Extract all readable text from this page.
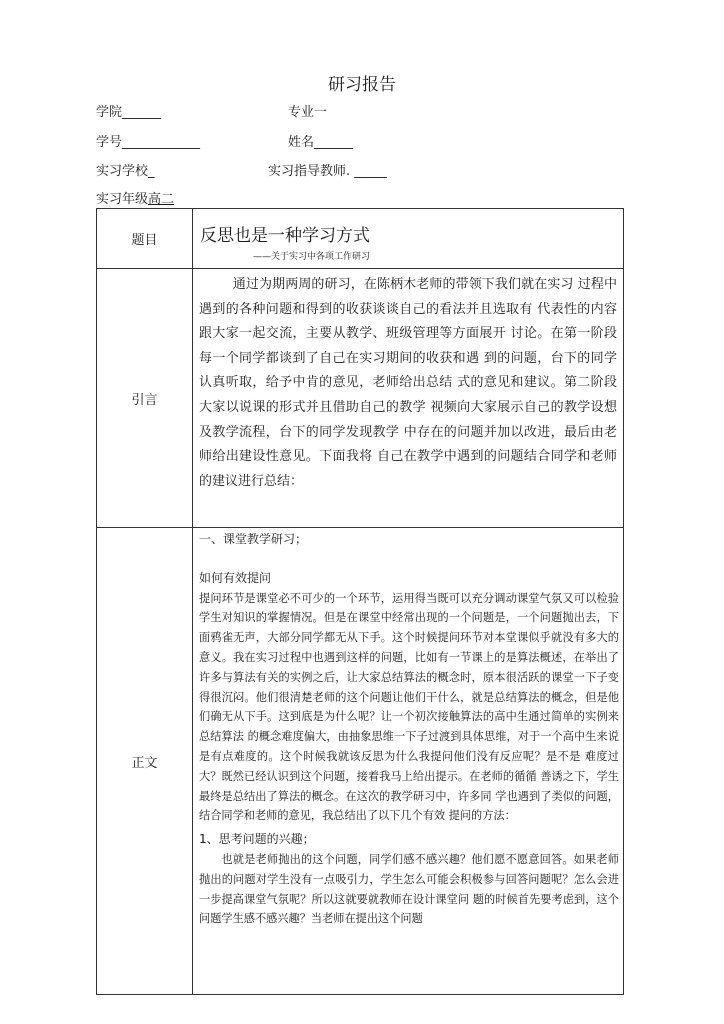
研习报告
学院______	专业一
学号____________	姓名______
实习学校_	实习指导教师. _____
实习年级高二
题目	反思也是一种学习方式
——关于实习中各项工作研习

引言	通过为期两周的研习，在陈柄木老师的带领下我们就在实习 过程中遇到的各种问题和得到的收获谈谈自己的看法并且选取有 代表性的内容跟大家一起交流，主要从教学、班级管理等方面展开 讨论。在第一阶段每一个同学都谈到了自己在实习期间的收获和遇 到的问题，台下的同学认真听取，给予中肯的意见，老师给出总结 式的意见和建议。第二阶段大家以说课的形式并且借助自己的教学 视频向大家展示自己的教学设想及教学流程，台下的同学发现教学 中存在的问题并加以改进，最后由老师给出建设性意见。下面我将 自己在教学中遇到的问题结合同学和老师的建议进行总结：

正文	一、课堂教学研习；

如何有效提问

提问环节是课堂必不可少的一个环节，运用得当既可以充分调动课堂气氛又可以检验学生对知识的掌握情况。但是在课堂中经常出现的一个问题是，一个问题抛出去，下面鸦雀无声，大部分同学都无从下手。这个时候提问环节对本堂课似乎就没有多大的意义。我在实习过程中也遇到这样的问题，比如有一节课上的是算法概述，在举出了许多与算法有关的实例之后，让大家总结算法的概念时，原本很活跃的课堂一下子变得很沉闷。他们很清楚老师的这个问题让他们干什么，就是总结算法的概念，但是他们确无从下手。这到底是为什么呢？让一个初次接触算法的高中生通过简单的实例来总结算法 的概念难度偏大，由抽象思维一下子过渡到具体思维，对于一个高中生来说 是有点难度的。这个时候我就该反思为什么我提问他们没有反应呢？是不是 难度过大？既然已经认识到这个问题，接着我马上给出提示。在老师的循循 善诱之下，学生最终是总结出了算法的概念。在这次的教学研习中，许多同 学也遇到了类似的问题，结合同学和老师的意见，我总结出了以下几个有效 提问的方法：

1、思考问题的兴趣；

也就是老师抛出的这个问题，同学们感不感兴趣？他们愿不愿意回答。如果老师抛出的问题对学生没有一点吸引力，学生怎么可能会积极参与回答问题呢？怎么会进一步提高课堂气氛呢？所以这就要就教师在设计课堂问 题的时候首先要考虑到，这个问题学生感不感兴趣？当老师在提出这个问题
